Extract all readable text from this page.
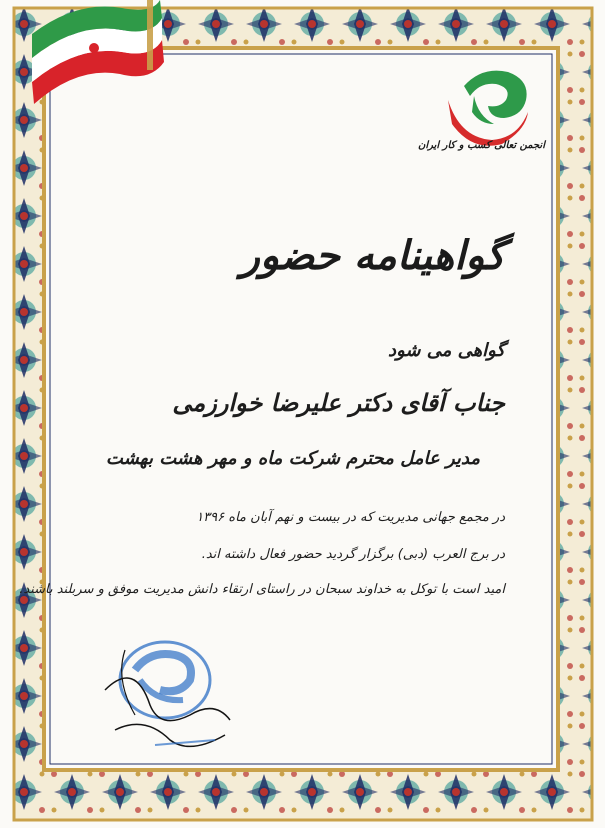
انجمن تعالی کسب و کار ایران
گواهینامه حضور
گواهی می شود
جناب آقای دکتر علیرضا خوارزمی
مدیر عامل محترم شرکت ماه و مهر هشت بهشت
در مجمع جهانی مدیریت که در بیست و نهم آبان ماه ۱۳۹۶
در برج العرب (دبی) برگزار گردید حضور فعال داشته اند.
امید است با توکل به خداوند سبحان در راستای ارتقاء دانش مدیریت موفق و سربلند باشند.
